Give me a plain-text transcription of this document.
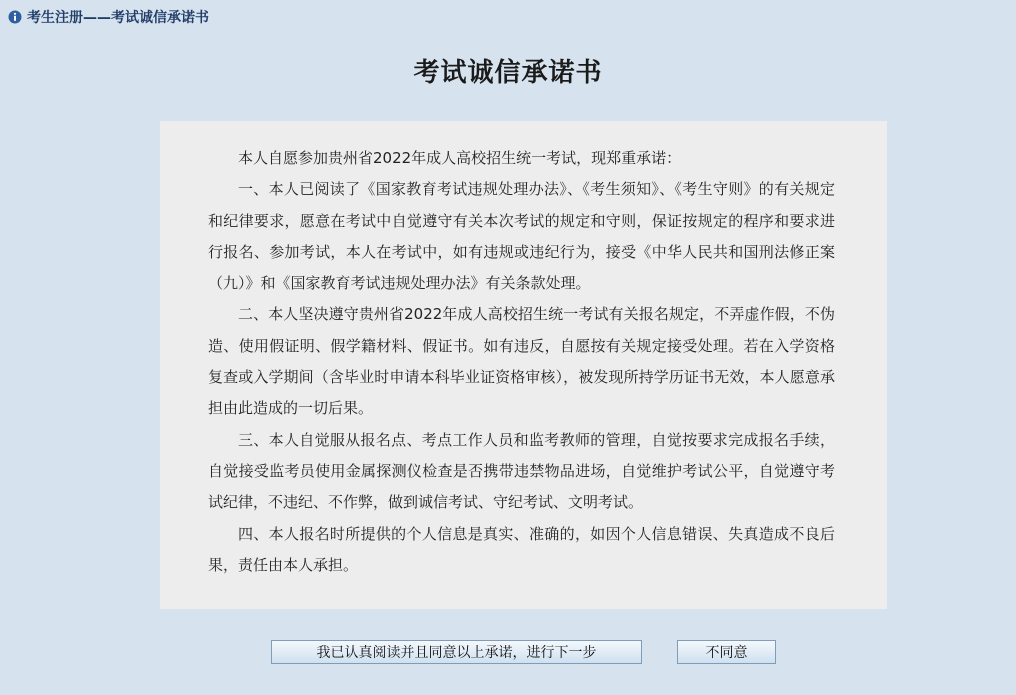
考生注册——考试诚信承诺书
考试诚信承诺书

本人自愿参加贵州省2022年成人高校招生统一考试，现郑重承诺：

一、本人已阅读了《国家教育考试违规处理办法》、《考生须知》、《考生守则》的有关规定和纪律要求，愿意在考试中自觉遵守有关本次考试的规定和守则，保证按规定的程序和要求进行报名、参加考试，本人在考试中，如有违规或违纪行为，接受《中华人民共和国刑法修正案（九）》和《国家教育考试违规处理办法》有关条款处理。

二、本人坚决遵守贵州省2022年成人高校招生统一考试有关报名规定，不弄虚作假，不伪造、使用假证明、假学籍材料、假证书。如有违反，自愿按有关规定接受处理。若在入学资格复查或入学期间（含毕业时申请本科毕业证资格审核），被发现所持学历证书无效，本人愿意承担由此造成的一切后果。

三、本人自觉服从报名点、考点工作人员和监考教师的管理，自觉按要求完成报名手续，自觉接受监考员使用金属探测仪检查是否携带违禁物品进场，自觉维护考试公平，自觉遵守考试纪律，不违纪、不作弊，做到诚信考试、守纪考试、文明考试。

四、本人报名时所提供的个人信息是真实、准确的，如因个人信息错误、失真造成不良后果，责任由本人承担。

我已认真阅读并且同意以上承诺，进行下一步	不同意
